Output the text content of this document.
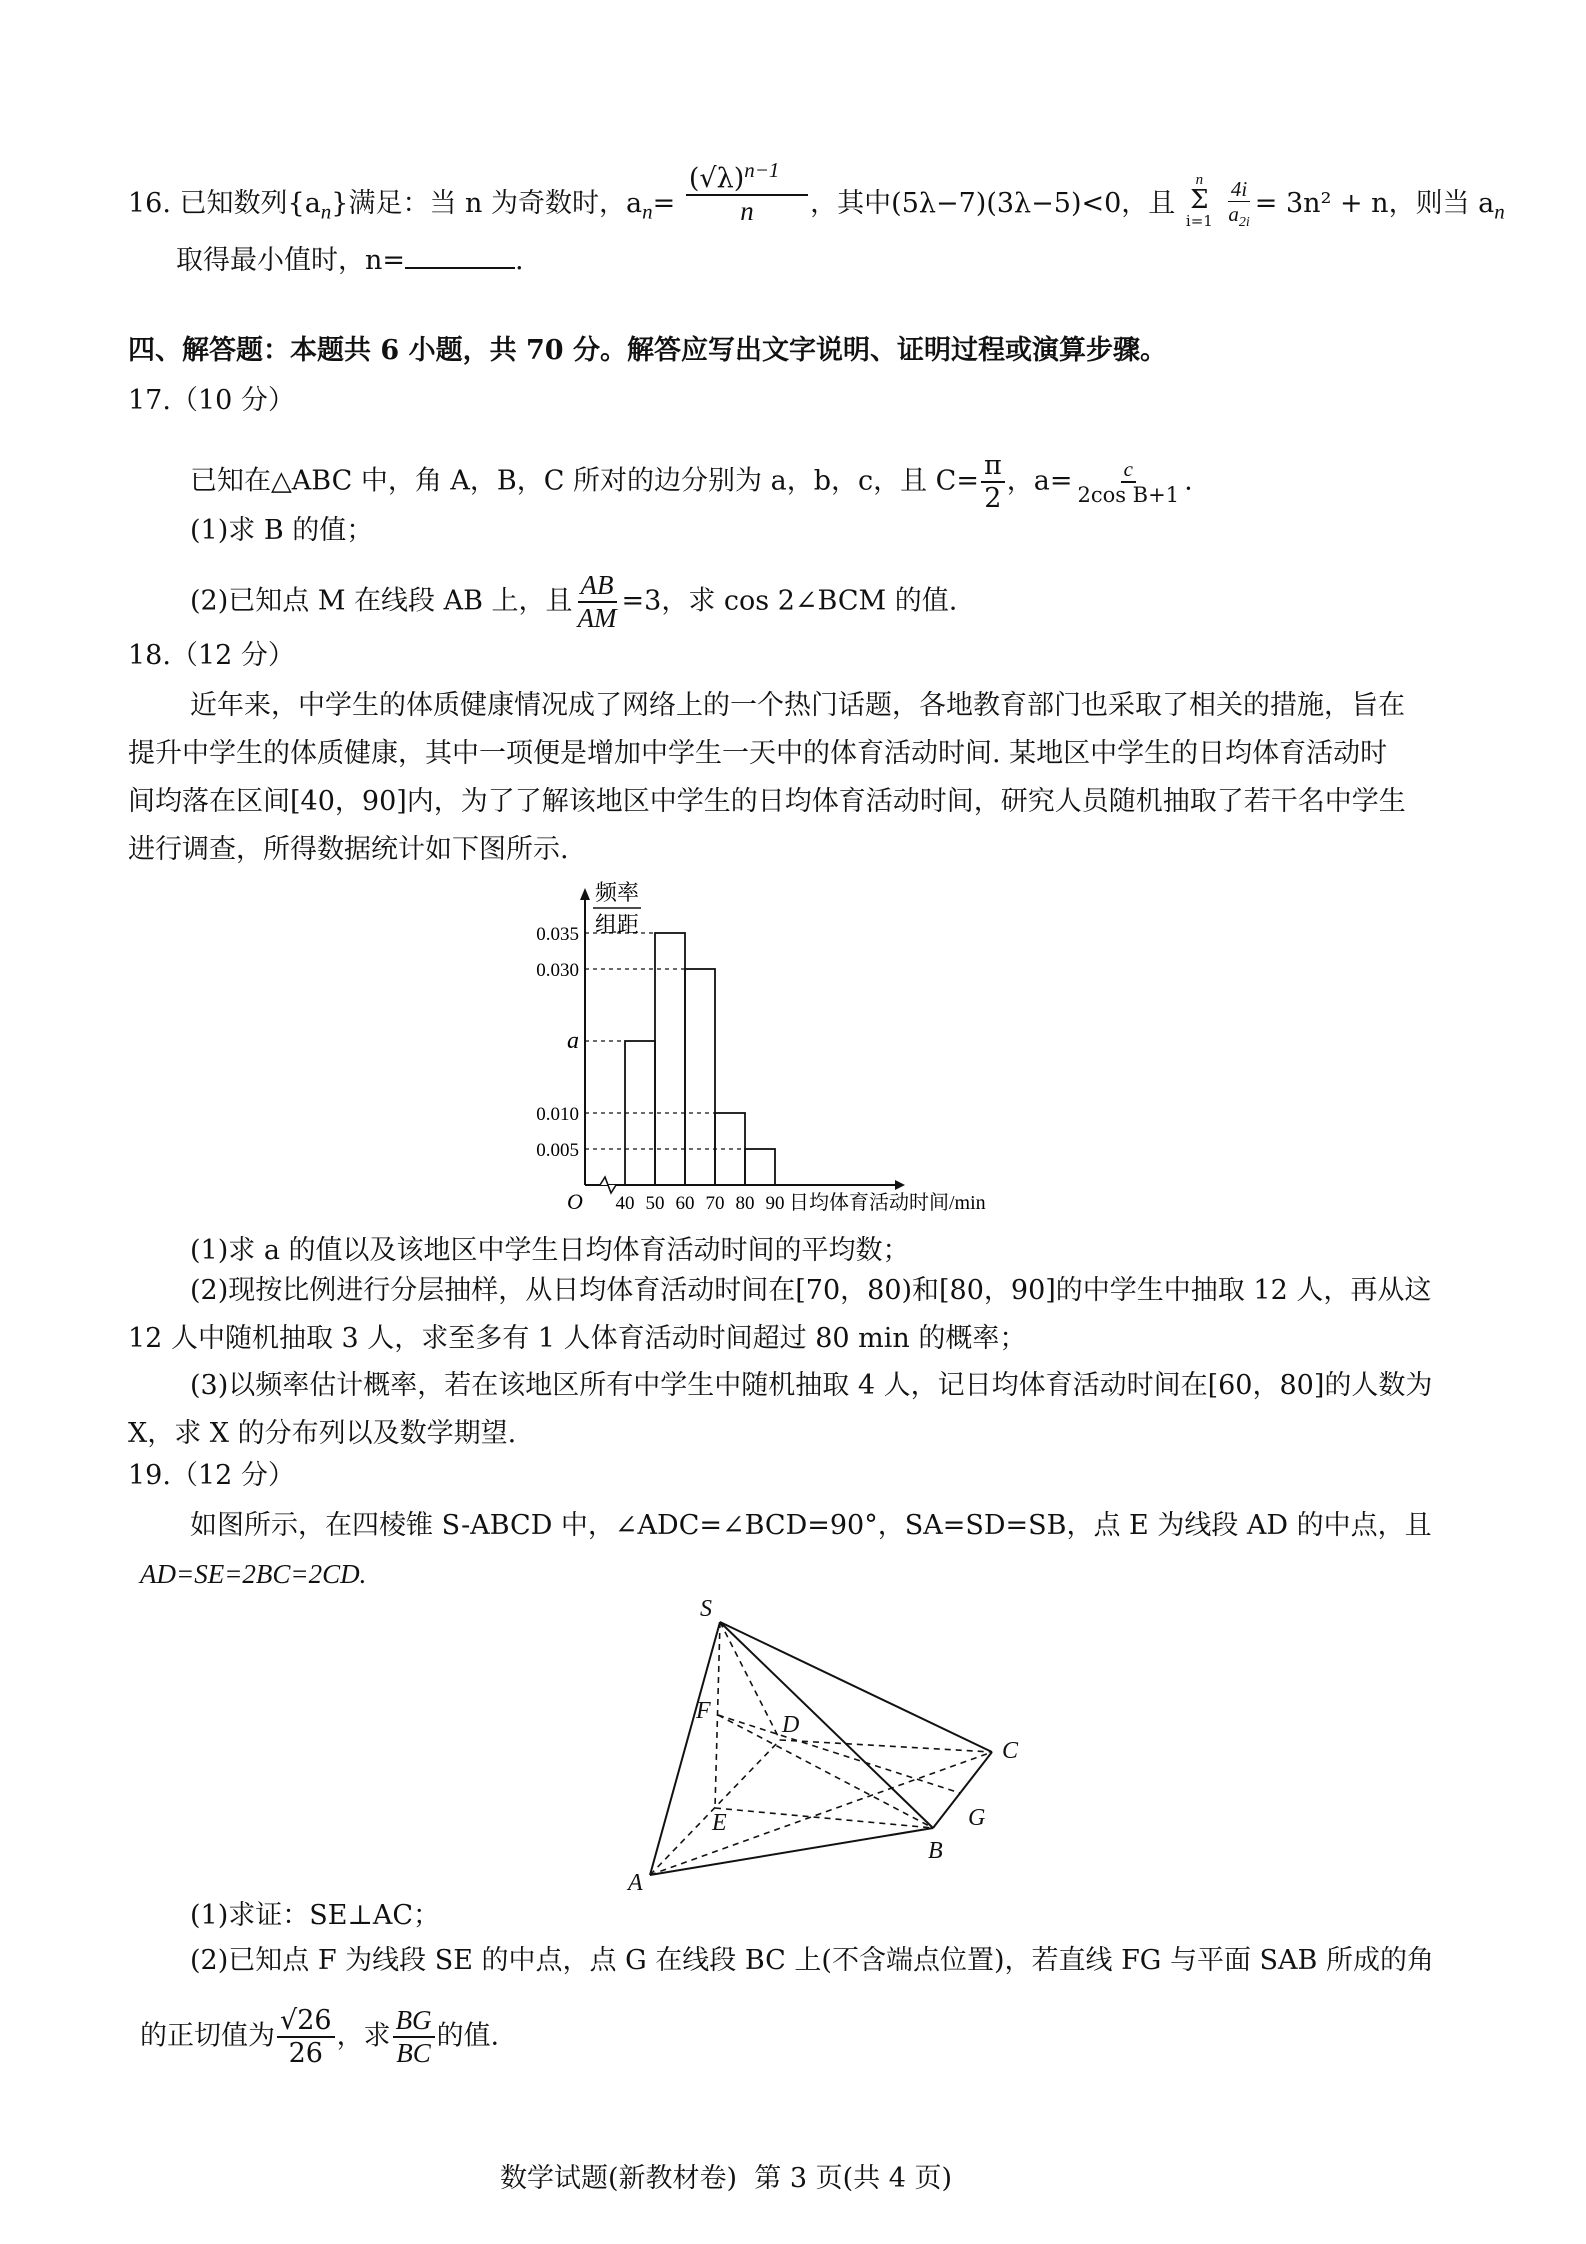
16. 已知数列$\{a_n\}$满足：当 n 为奇数时，$a_n= \frac{(√\lambda)^{n-1}}{n}$ ，其中(5λ−7)(3λ−5)<0，且
n
Σ
i=1
$\frac{4i}{a_{2i}} = 3n^2 + n$，则当 $a_n$
取得最小值时，n=	.
四、解答题：本题共 6 小题，共 70 分。解答应写出文字说明、证明过程或演算步骤。
17.（10 分）
已知在△ABC 中，角 A，B，C 所对的边分别为 a，b，c，且 $C= \frac{\pi}{2}$ ，$a= \frac{c}{\text{2cos B+1}}$ .
(1)求 B 的值；
(2)已知点 M 在线段 AB 上，且 $\frac{AB}{AM} =3$，求 cos 2∠BCM 的值.
18.（12 分）
近年来，中学生的体质健康情况成了网络上的一个热门话题，各地教育部门也采取了相关的措施，旨在
提升中学生的体质健康，其中一项便是增加中学生一天中的体育活动时间. 某地区中学生的日均体育活动时
间均落在区间[40，90]内，为了了解该地区中学生的日均体育活动时间，研究人员随机抽取了若干名中学生
进行调查，所得数据统计如下图所示.
频率
组距
0.035
0.030
a
0.010
0.005
40 50 60 70 80 90 日均体育活动时间/min
O
(1)求 a 的值以及该地区中学生日均体育活动时间的平均数；
(2)现按比例进行分层抽样，从日均体育活动时间在[70，80)和[80，90]的中学生中抽取 12 人，再从这
12 人中随机抽取 3 人，求至多有 1 人体育活动时间超过 80 min 的概率；
(3)以频率估计概率，若在该地区所有中学生中随机抽取 4 人，记日均体育活动时间在[60，80]的人数为
X，求 X 的分布列以及数学期望.
19.（12 分）
如图所示，在四棱锥 S-ABCD 中，∠ADC=∠BCD=90°，SA=SD=SB，点 E 为线段 AD 的中点，且
AD=SE=2BC=2CD.
S
A
B
C
D
E
F
G
(1)求证：SE⊥AC；
(2)已知点 F 为线段 SE 的中点，点 G 在线段 BC 上(不含端点位置)，若直线 FG 与平面 SAB 所成的角
的正切值为 $\frac{√26}{26}$ ，求 $\frac{BG}{BC}$ 的值.
数学试题(新教材卷)  第 3 页(共 4 页)
